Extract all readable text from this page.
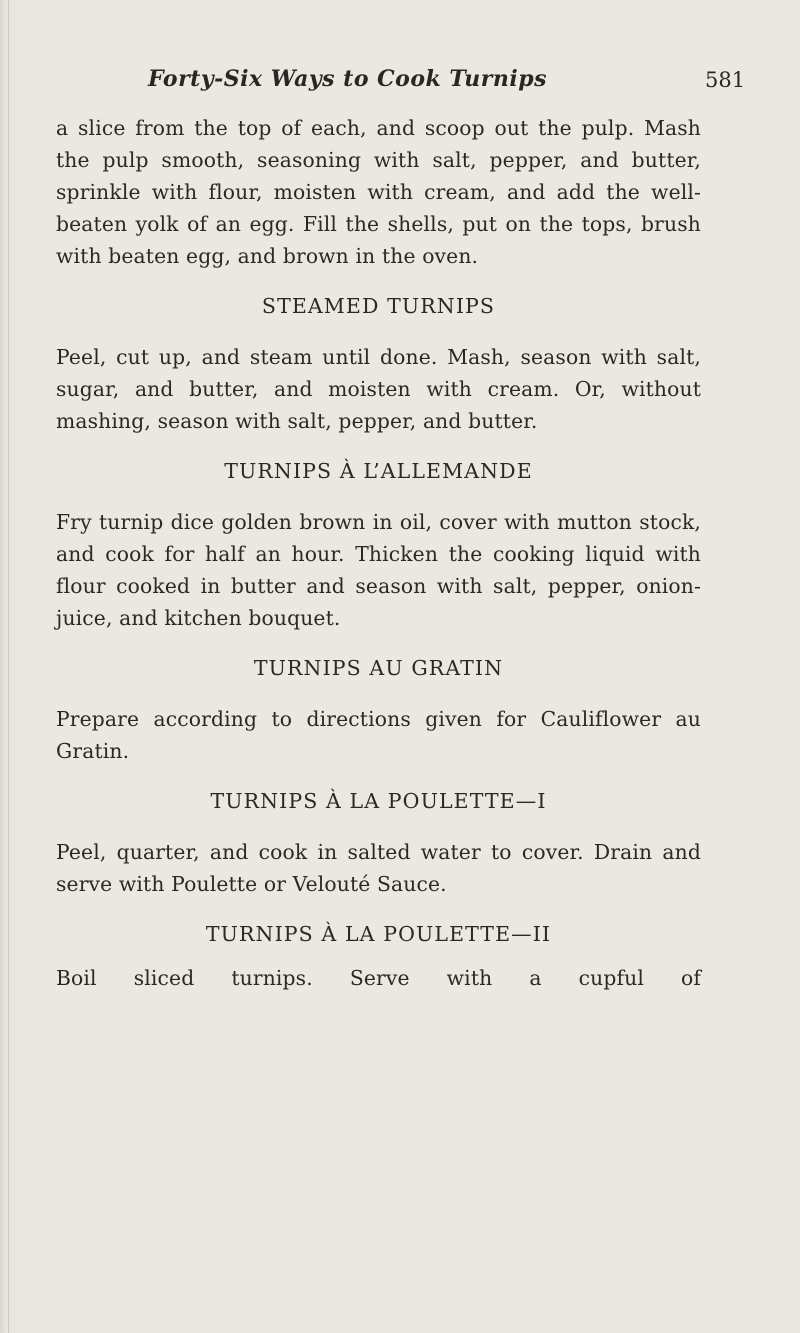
Forty-Six Ways to Cook Turnips	581

a slice from the top of each, and scoop out the pulp. Mash the pulp smooth, seasoning with salt, pepper, and butter, sprinkle with flour, moisten with cream, and add the well-beaten yolk of an egg. Fill the shells, put on the tops, brush with beaten egg, and brown in the oven.

STEAMED TURNIPS

Peel, cut up, and steam until done. Mash, season with salt, sugar, and butter, and moisten with cream. Or, without mashing, season with salt, pepper, and butter.

TURNIPS À L’ALLEMANDE

Fry turnip dice golden brown in oil, cover with mutton stock, and cook for half an hour. Thicken the cooking liquid with flour cooked in butter and season with salt, pepper, onion-juice, and kitchen bouquet.

TURNIPS AU GRATIN

Prepare according to directions given for Cauliflower au Gratin.

TURNIPS À LA POULETTE—I

Peel, quarter, and cook in salted water to cover. Drain and serve with Poulette or Velouté Sauce.

TURNIPS À LA POULETTE—II

Boil sliced turnips. Serve with a cupful of
